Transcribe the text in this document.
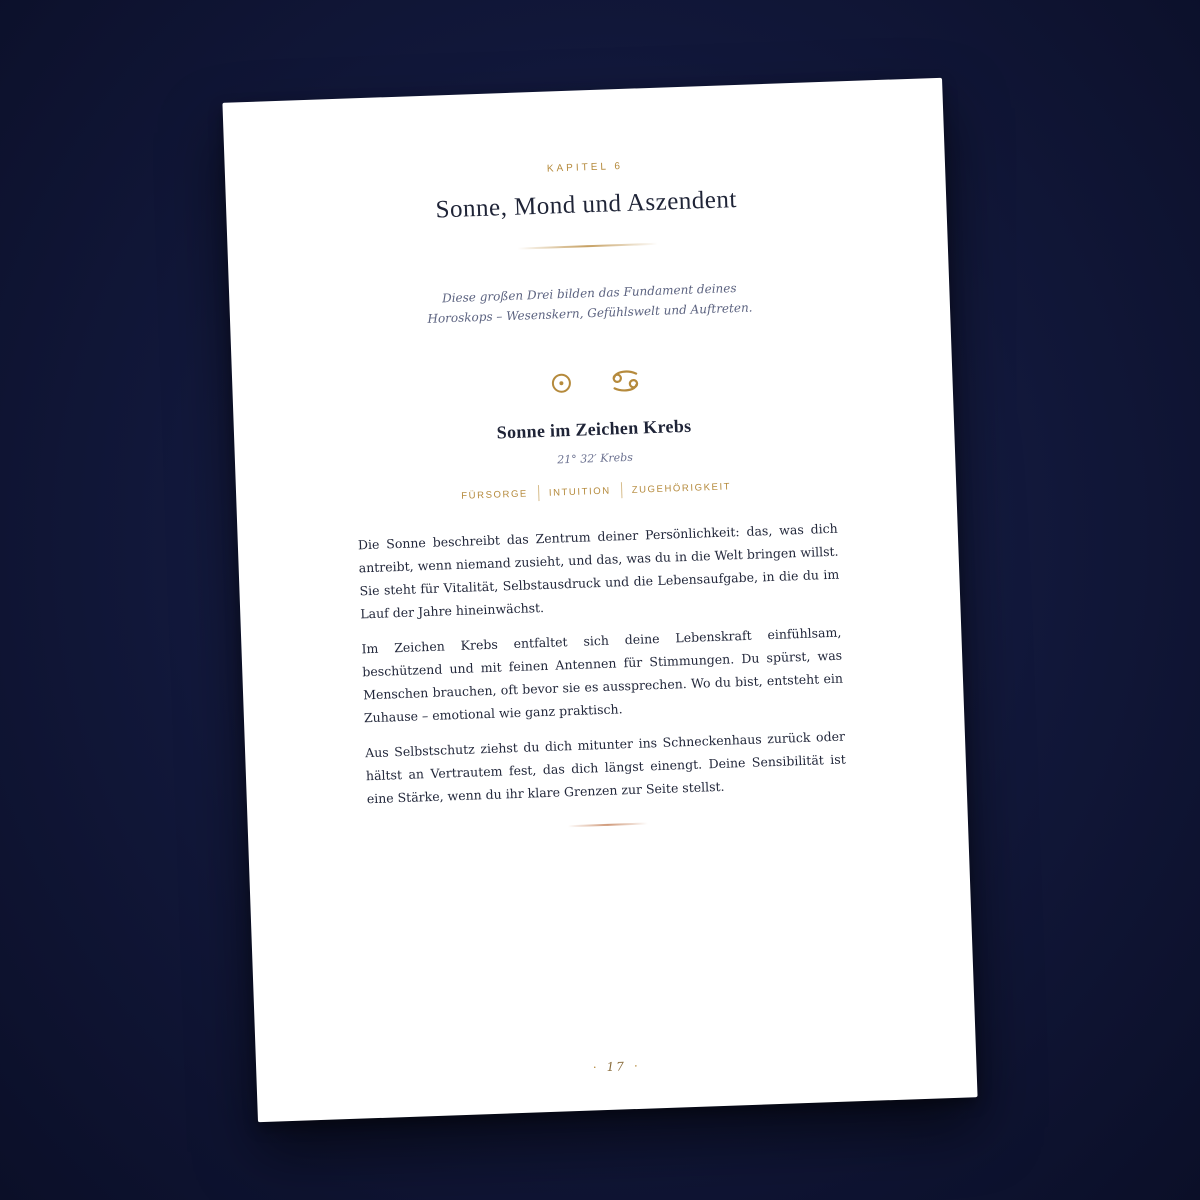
KAPITEL 6

Sonne, Mond und Aszendent

Diese großen Drei bilden das Fundament deines Horoskops – Wesenskern, Gefühlswelt und Auftreten.

Sonne im Zeichen Krebs
21° 32′ Krebs
FÜRSORGE	INTUITION	ZUGEHÖRIGKEIT

Die Sonne beschreibt das Zentrum deiner Persönlichkeit: das, was dich antreibt, wenn niemand zusieht, und das, was du in die Welt bringen willst. Sie steht für Vitalität, Selbstausdruck und die Lebensaufgabe, in die du im Lauf der Jahre hineinwächst.

Im Zeichen Krebs entfaltet sich deine Lebenskraft einfühlsam, beschützend und mit feinen Antennen für Stimmungen. Du spürst, was Menschen brauchen, oft bevor sie es aussprechen. Wo du bist, entsteht ein Zuhause – emotional wie ganz praktisch.

Aus Selbstschutz ziehst du dich mitunter ins Schneckenhaus zurück oder hältst an Vertrautem fest, das dich längst einengt. Deine Sensibilität ist eine Stärke, wenn du ihr klare Grenzen zur Seite stellst.

· 17 ·
